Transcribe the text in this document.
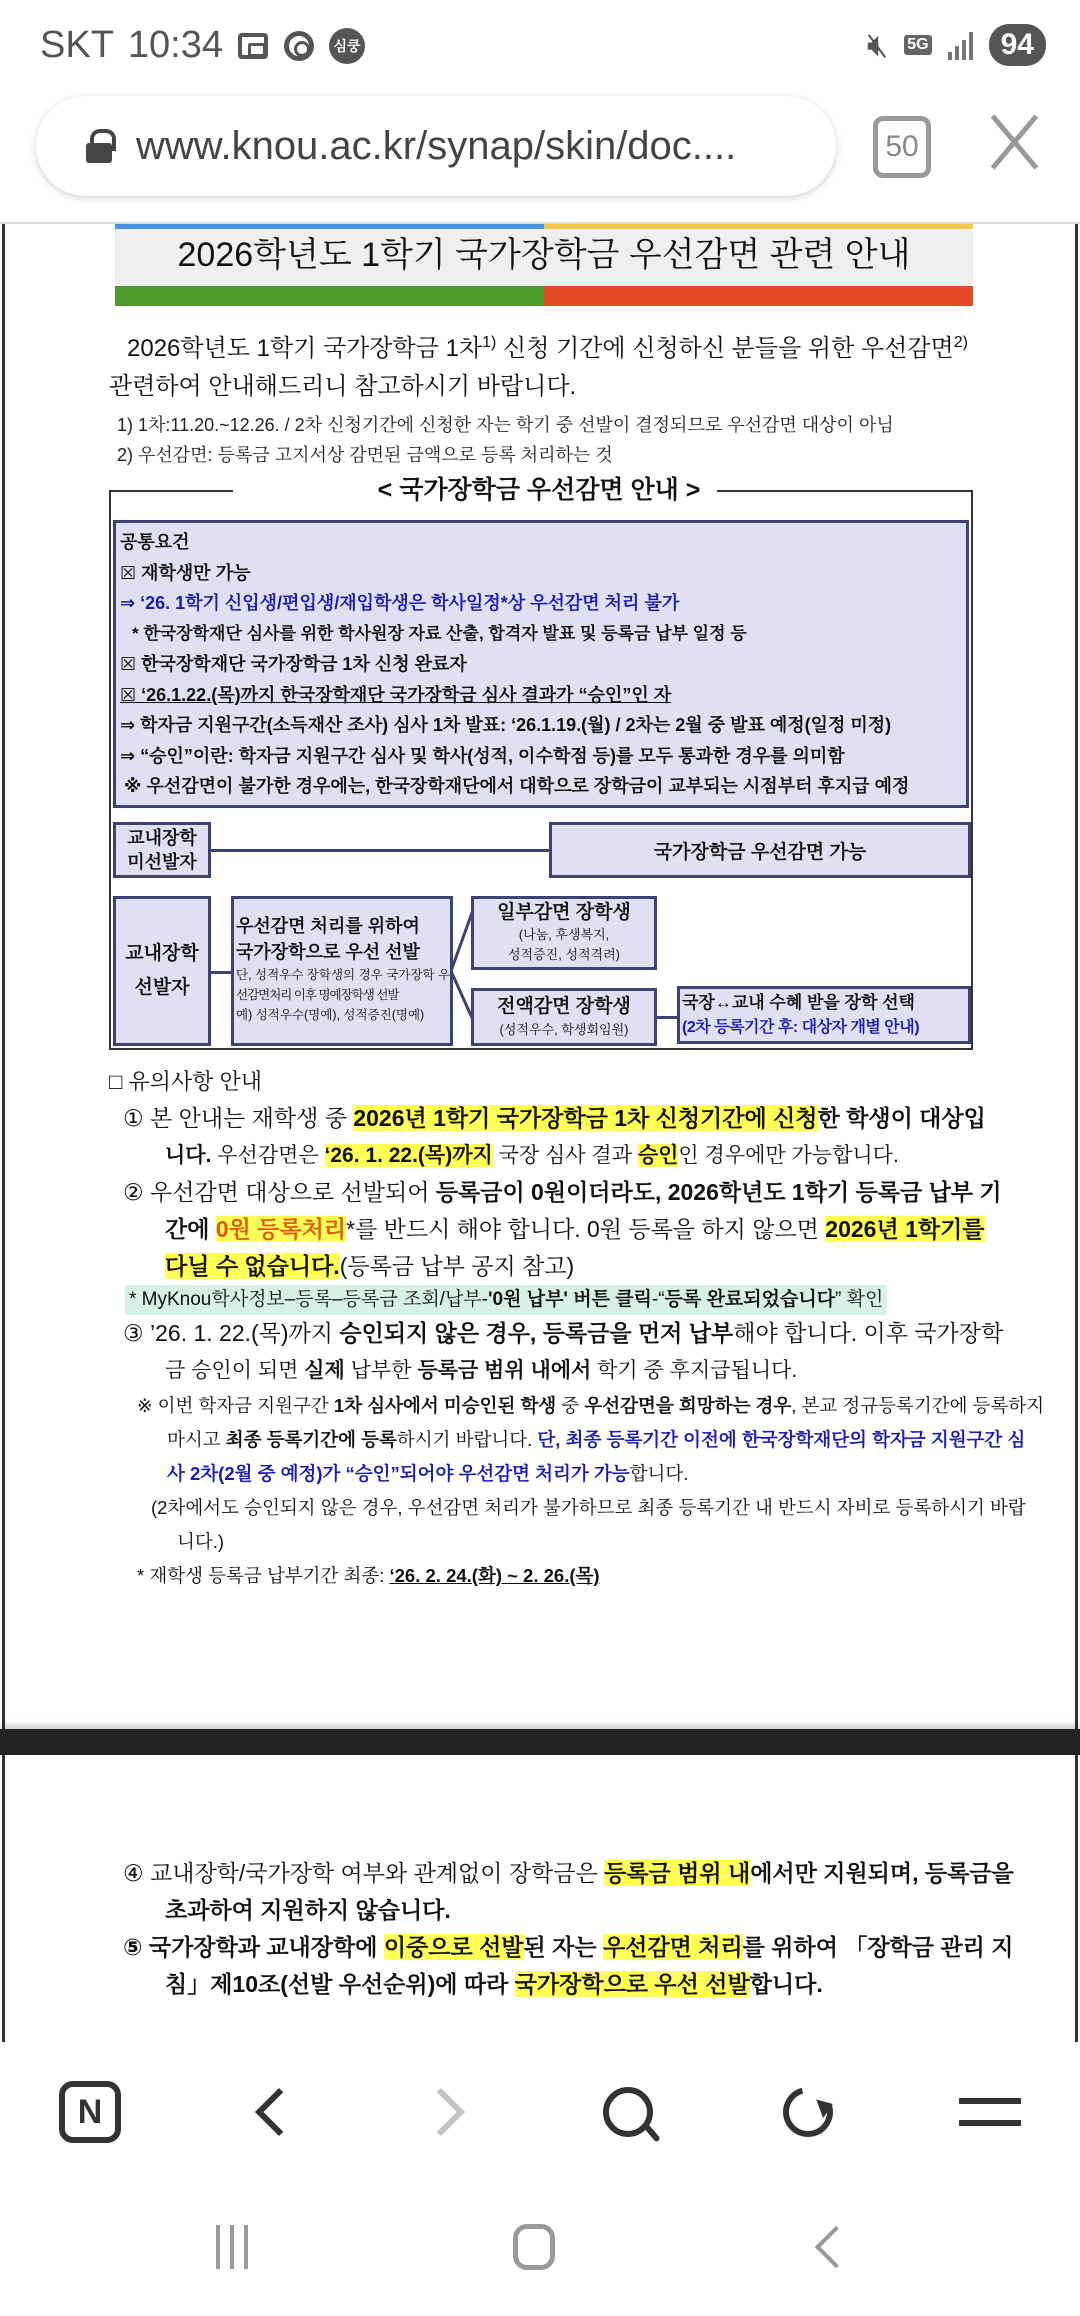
SKT 10:34	심쿵	🔇︎ 5G	94
www.knou.ac.kr/synap/skin/doc....	50
2026학년도 1학기 국가장학금 우선감면 관련 안내
2026학년도 1학기 국가장학금 1차$^{1)}$ 신청 기간에 신청하신 분들을 위한 우선감면$^{2)}$
관련하여 안내해드리니 참고하시기 바랍니다.
1) 1차:11.20.~12.26. / 2차 신청기간에 신청한 자는 학기 중 선발이 결정되므로 우선감면 대상이 아님
2) 우선감면: 등록금 고지서상 감면된 금액으로 등록 처리하는 것
< 국가장학금 우선감면 안내 >
공통요건
☒ 재학생만 가능
⇒ ‘26. 1학기 신입생/편입생/재입학생은 학사일정*상 우선감면 처리 불가
* 한국장학재단 심사를 위한 학사원장 자료 산출, 합격자 발표 및 등록금 납부 일정 등
☒ 한국장학재단 국가장학금 1차 신청 완료자
☒ ‘26.1.22.(목)까지 한국장학재단 국가장학금 심사 결과가 “승인”인 자
⇒ 학자금 지원구간(소득재산 조사) 심사 1차 발표: ‘26.1.19.(월) / 2차는 2월 중 발표 예정(일정 미정)
⇒ “승인”이란: 학자금 지원구간 심사 및 학사(성적, 이수학점 등)를 모두 통과한 경우를 의미함
※ 우선감면이 불가한 경우에는, 한국장학재단에서 대학으로 장학금이 교부되는 시점부터 후지급 예정
교내장학
미선발자	국가장학금 우선감면 가능
교내장학
선발자
우선감면 처리를 위하여
국가장학으로 우선 선발
단, 성적우수 장학생의 경우 국가장학 우
선감면처리 이후 명예장학생 선발
예) 성적우수(명예), 성적증진(명예)
일부감면 장학생
(나눔, 후생복지,
성적증진, 성적격려)
전액감면 장학생
(성적우수, 학생회임원)
국장↔교내 수혜 받을 장학 선택
(2차 등록기간 후: 대상자 개별 안내)
□ 유의사항 안내
① 본 안내는 재학생 중 2026년 1학기 국가장학금 1차 신청기간에 신청한 학생이 대상입
니다. 우선감면은 ‘26. 1. 22.(목)까지 국장 심사 결과 승인인 경우에만 가능합니다.
② 우선감면 대상으로 선발되어 등록금이 0원이더라도, 2026학년도 1학기 등록금 납부 기
간에 0원 등록처리*를 반드시 해야 합니다. 0원 등록을 하지 않으면 2026년 1학기를
다닐 수 없습니다.(등록금 납부 공지 참고)
* MyKnou학사정보–등록–등록금 조회/납부-'0원 납부' 버튼 클릭-“등록 완료되었습니다” 확인
③ ’26. 1. 22.(목)까지 승인되지 않은 경우, 등록금을 먼저 납부해야 합니다. 이후 국가장학
금 승인이 되면 실제 납부한 등록금 범위 내에서 학기 중 후지급됩니다.
※ 이번 학자금 지원구간 1차 심사에서 미승인된 학생 중 우선감면을 희망하는 경우, 본교 정규등록기간에 등록하지
마시고 최종 등록기간에 등록하시기 바랍니다. 단, 최종 등록기간 이전에 한국장학재단의 학자금 지원구간 심
사 2차(2월 중 예정)가 “승인”되어야 우선감면 처리가 가능합니다.
(2차에서도 승인되지 않은 경우, 우선감면 처리가 불가하므로 최종 등록기간 내 반드시 자비로 등록하시기 바랍
니다.)
* 재학생 등록금 납부기간 최종: ‘26. 2. 24.(화) ~ 2. 26.(목)
④ 교내장학/국가장학 여부와 관계없이 장학금은 등록금 범위 내에서만 지원되며, 등록금을
초과하여 지원하지 않습니다.
⑤ 국가장학과 교내장학에 이중으로 선발된 자는 우선감면 처리를 위하여 「장학금 관리 지
침」제10조(선발 우선순위)에 따라 국가장학으로 우선 선발합니다.
N
